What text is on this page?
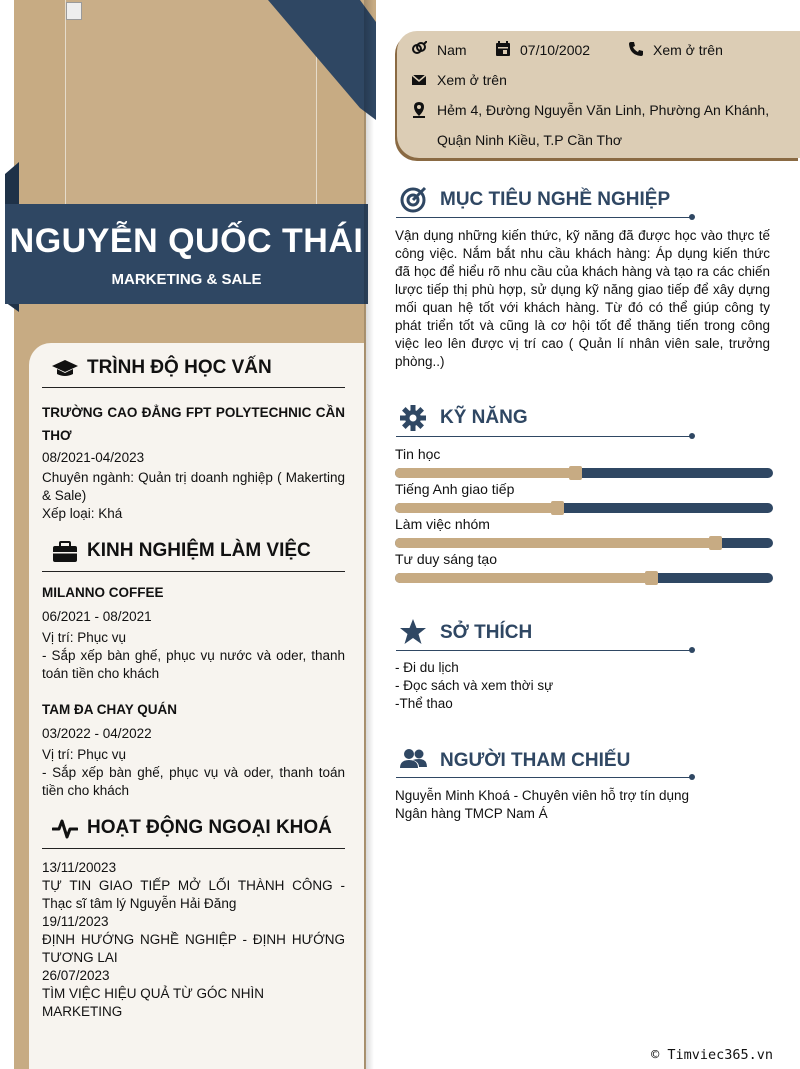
NGUYỄN QUỐC THÁI
MARKETING & SALE
TRÌNH ĐỘ HỌC VẤN
TRƯỜNG CAO ĐẲNG FPT POLYTECHNIC CẦN THƠ
08/2021-04/2023
Chuyên ngành: Quản trị doanh nghiệp ( Makerting & Sale)
Xếp loại: Khá
KINH NGHIỆM LÀM VIỆC
MILANNO COFFEE
06/2021 - 08/2021
Vị trí: Phục vụ
- Sắp xếp bàn ghế, phục vụ nước và oder, thanh toán tiền cho khách
TAM ĐA CHAY QUÁN
03/2022 - 04/2022
Vị trí: Phục vụ
- Sắp xếp bàn ghế, phục vụ và oder, thanh toán tiền cho khách
HOẠT ĐỘNG NGOẠI KHOÁ
13/11/20023
TỰ TIN GIAO TIẾP MỞ LỐI THÀNH CÔNG - Thạc sĩ tâm lý Nguyễn Hải Đăng
19/11/2023
ĐỊNH HƯỚNG NGHỀ NGHIỆP - ĐỊNH HƯỚNG TƯƠNG LAI
26/07/2023
TÌM VIỆC HIỆU QUẢ TỪ GÓC NHÌN MARKETING
Nam	07/10/2002	Xem ở trên
Xem ở trên
Hẻm 4, Đường Nguyễn Văn Linh, Phường An Khánh,
Quận Ninh Kiều, T.P Cần Thơ
MỤC TIÊU NGHỀ NGHIỆP
Vận dụng những kiến thức, kỹ năng đã được học vào thực tế công việc. Nắm bắt nhu cầu khách hàng: Áp dụng kiến thức đã học để hiểu rõ nhu cầu của khách hàng và tạo ra các chiến lược tiếp thị phù hợp, sử dụng kỹ năng giao tiếp để xây dựng mối quan hệ tốt với khách hàng. Từ đó có thể giúp công ty phát triển tốt và cũng là cơ hội tốt để thăng tiến trong công việc leo lên được vị trí cao ( Quản lí nhân viên sale, trưởng phòng..)
KỸ NĂNG
Tin học
Tiếng Anh giao tiếp
Làm việc nhóm
Tư duy sáng tạo
SỞ THÍCH
- Đi du lịch
- Đọc sách và xem thời sự
-Thể thao
NGƯỜI THAM CHIẾU
Nguyễn Minh Khoá - Chuyên viên hỗ trợ tín dụng
Ngân hàng TMCP Nam Á
© Timviec365.vn
